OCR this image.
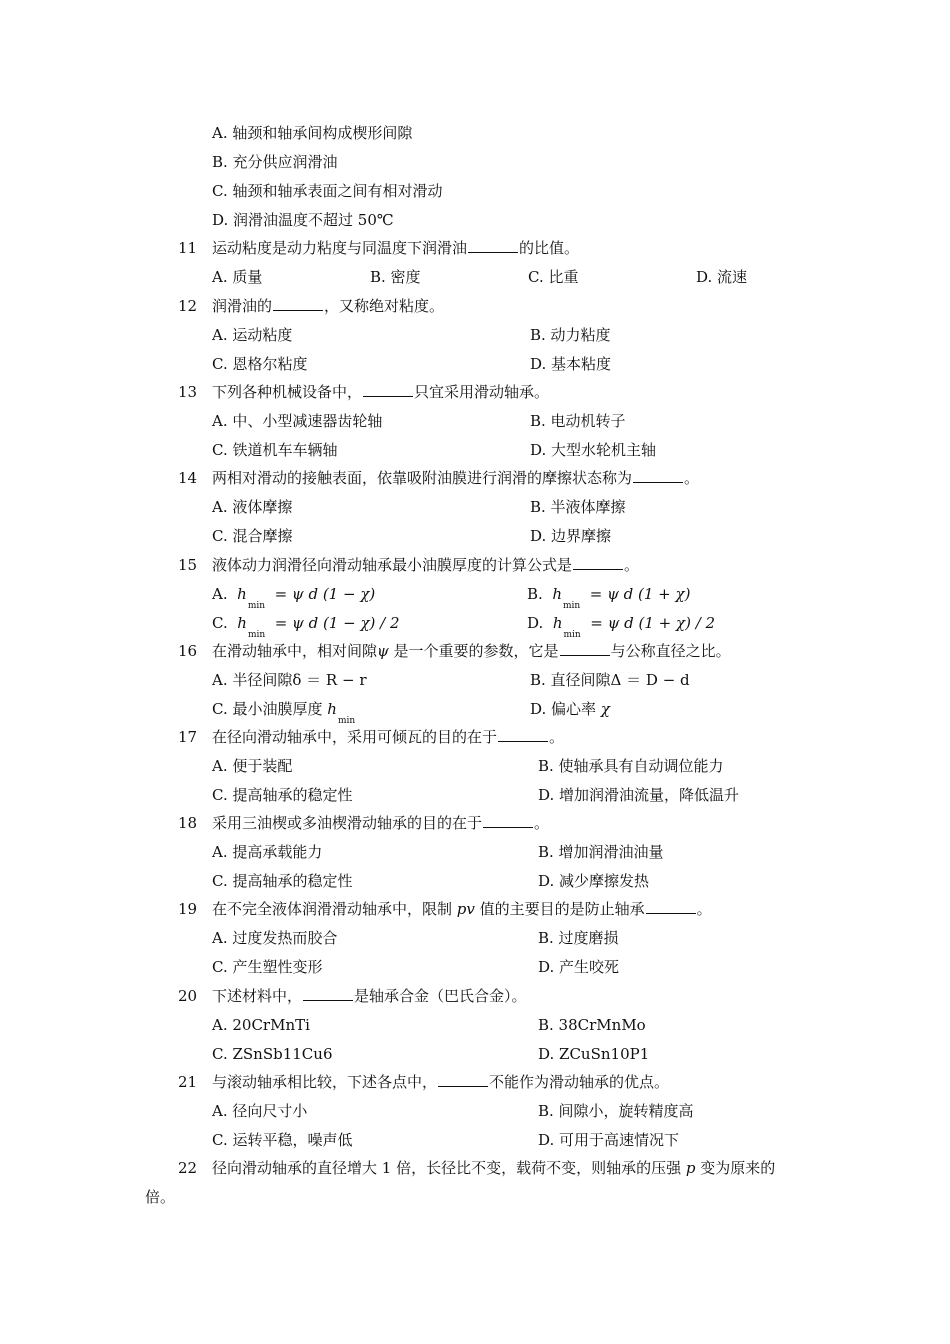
A. 轴颈和轴承间构成楔形间隙
B. 充分供应润滑油
C. 轴颈和轴承表面之间有相对滑动
D. 润滑油温度不超过 50℃
11 运动粘度是动力粘度与同温度下润滑油	的比值。
A. 质量	B. 密度	C. 比重	D. 流速
12 润滑油的	，又称绝对粘度。
A. 运动粘度	B. 动力粘度
C. 恩格尔粘度	D. 基本粘度
13 下列各种机械设备中，	只宜采用滑动轴承。
A. 中、小型减速器齿轮轴	B. 电动机转子
C. 铁道机车车辆轴	D. 大型水轮机主轴
14 两相对滑动的接触表面，依靠吸附油膜进行润滑的摩擦状态称为	。
A. 液体摩擦	B. 半液体摩擦
C. 混合摩擦	D. 边界摩擦
15 液体动力润滑径向滑动轴承最小油膜厚度的计算公式是	。
A. $h_{min} = \psi$ d (1 − χ)	B. $h_{min} = \psi$ d (1 + χ)
C. $h_{min} = \psi$ d (1 − χ) / 2	D. $h_{min} = \psi$ d (1 + χ) / 2
16 在滑动轴承中，相对间隙ψ 是一个重要的参数，它是	与公称直径之比。
A. 半径间隙δ ＝ R − r	B. 直径间隙Δ ＝ D − d
C. 最小油膜厚度 $h_{min}$
D. 偏心率 χ
17 在径向滑动轴承中，采用可倾瓦的目的在于	。
A. 便于装配	B. 使轴承具有自动调位能力
C. 提高轴承的稳定性	D. 增加润滑油流量，降低温升
18 采用三油楔或多油楔滑动轴承的目的在于	。
A. 提高承载能力	B. 增加润滑油油量
C. 提高轴承的稳定性	D. 减少摩擦发热
19 在不完全液体润滑滑动轴承中，限制 pv 值的主要目的是防止轴承	。
A. 过度发热而胶合	B. 过度磨损
C. 产生塑性变形	D. 产生咬死
20 下述材料中，	是轴承合金（巴氏合金）。
A. 20CrMnTi	B. 38CrMnMo
C. ZSnSb11Cu6	D. ZCuSn10P1
21 与滚动轴承相比较，下述各点中，	不能作为滑动轴承的优点。
A. 径向尺寸小	B. 间隙小，旋转精度高
C. 运转平稳，噪声低	D. 可用于高速情况下
22 径向滑动轴承的直径增大 1 倍，长径比不变，载荷不变，则轴承的压强 p 变为原来的
倍。
